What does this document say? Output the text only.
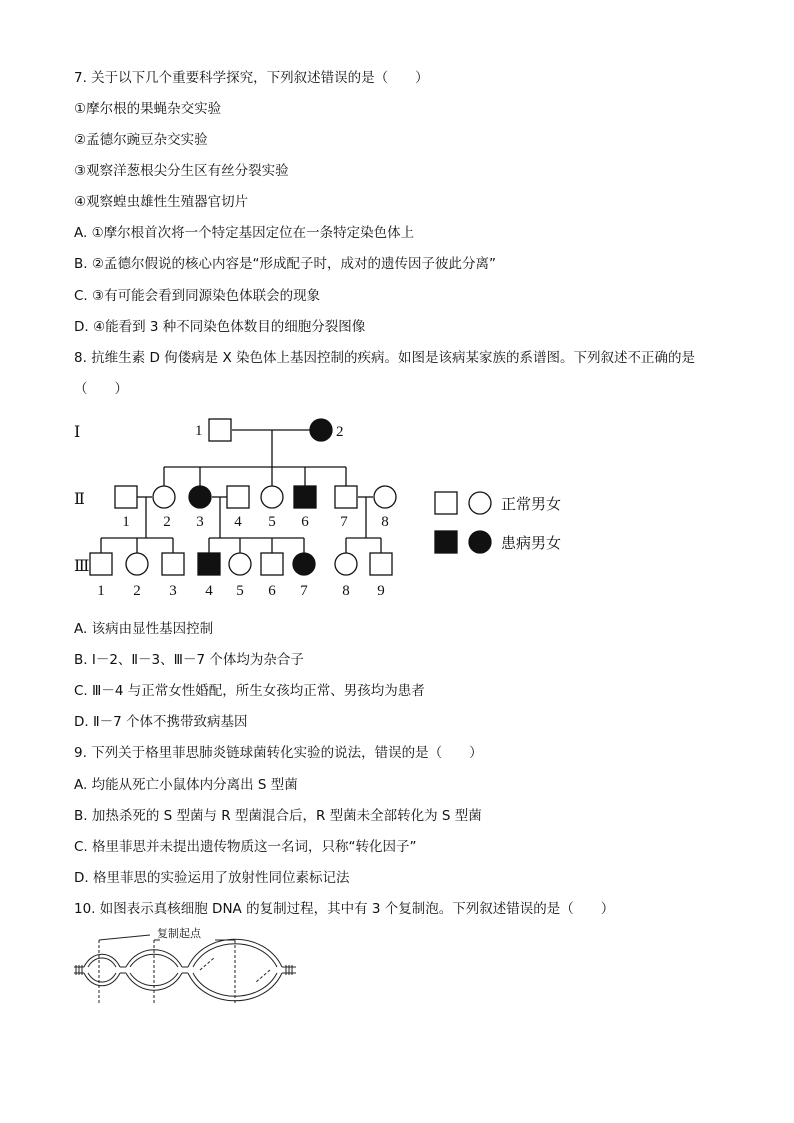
7. 关于以下几个重要科学探究，下列叙述错误的是（　　）
①摩尔根的果蝇杂交实验
②孟德尔豌豆杂交实验
③观察洋葱根尖分生区有丝分裂实验
④观察蝗虫雄性生殖器官切片
A. ①摩尔根首次将一个特定基因定位在一条特定染色体上
B. ②孟德尔假说的核心内容是“形成配子时，成对的遗传因子彼此分离”
C. ③有可能会看到同源染色体联会的现象
D. ④能看到 3 种不同染色体数目的细胞分裂图像
8. 抗维生素 D 佝偻病是 X 染色体上基因控制的疾病。如图是该病某家族的系谱图。下列叙述不正确的是
（　　）
Ⅰ
Ⅱ
Ⅲ
1	2
1 2 3 4 5 6 7 8
1 2 3 4 5 6 7 8 9
正常男女
患病男女
A. 该病由显性基因控制
B. Ⅰ－2、Ⅱ－3、Ⅲ－7 个体均为杂合子
C. Ⅲ－4 与正常女性婚配，所生女孩均正常、男孩均为患者
D. Ⅱ－7 个体不携带致病基因
9. 下列关于格里菲思肺炎链球菌转化实验的说法，错误的是（　　）
A. 均能从死亡小鼠体内分离出 S 型菌
B. 加热杀死的 S 型菌与 R 型菌混合后，R 型菌未全部转化为 S 型菌
C. 格里菲思并未提出遗传物质这一名词，只称“转化因子”
D. 格里菲思的实验运用了放射性同位素标记法
10. 如图表示真核细胞 DNA 的复制过程，其中有 3 个复制泡。下列叙述错误的是（　　）
复制起点
